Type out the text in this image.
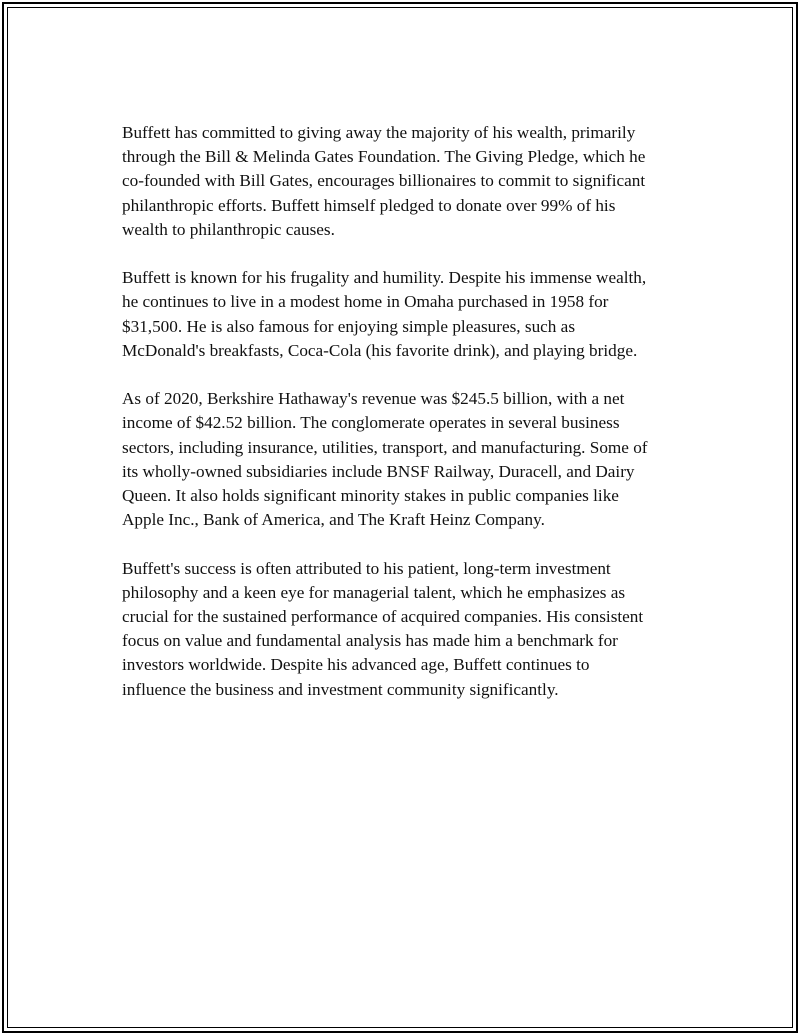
Buffett has committed to giving away the majority of his wealth, primarily
through the Bill & Melinda Gates Foundation. The Giving Pledge, which he
co-founded with Bill Gates, encourages billionaires to commit to significant
philanthropic efforts. Buffett himself pledged to donate over 99% of his
wealth to philanthropic causes.

Buffett is known for his frugality and humility. Despite his immense wealth,
he continues to live in a modest home in Omaha purchased in 1958 for
$31,500. He is also famous for enjoying simple pleasures, such as
McDonald's breakfasts, Coca-Cola (his favorite drink), and playing bridge.

As of 2020, Berkshire Hathaway's revenue was $245.5 billion, with a net
income of $42.52 billion. The conglomerate operates in several business
sectors, including insurance, utilities, transport, and manufacturing. Some of
its wholly-owned subsidiaries include BNSF Railway, Duracell, and Dairy
Queen. It also holds significant minority stakes in public companies like
Apple Inc., Bank of America, and The Kraft Heinz Company.

Buffett's success is often attributed to his patient, long-term investment
philosophy and a keen eye for managerial talent, which he emphasizes as
crucial for the sustained performance of acquired companies. His consistent
focus on value and fundamental analysis has made him a benchmark for
investors worldwide. Despite his advanced age, Buffett continues to
influence the business and investment community significantly.
